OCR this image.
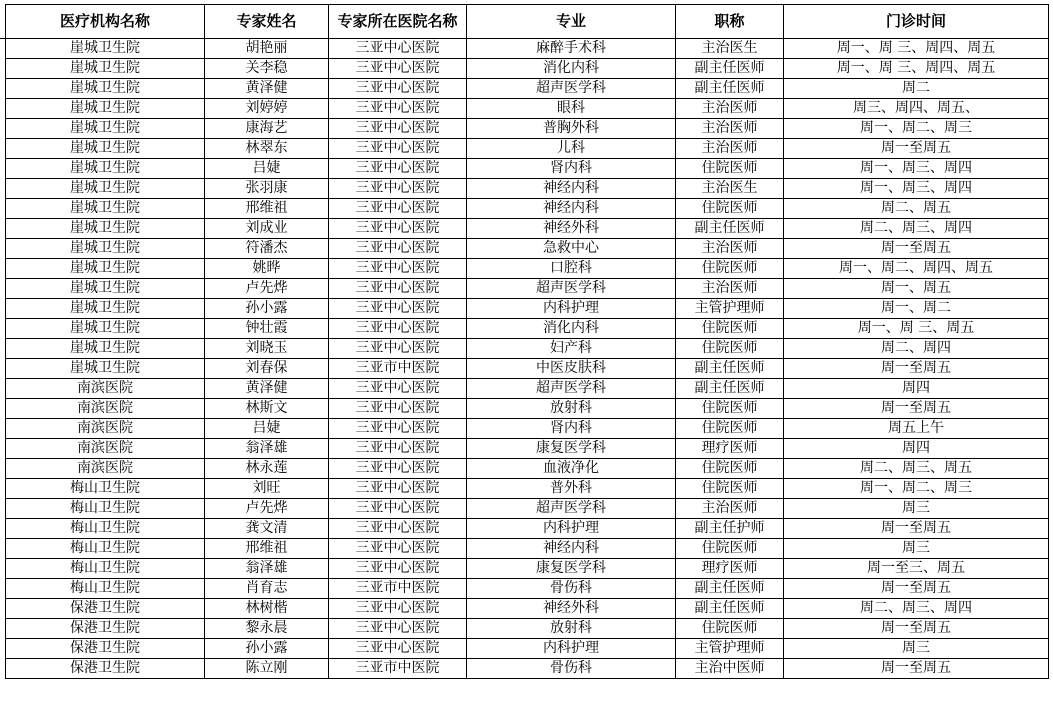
医疗机构名称	专家姓名	专家所在医院名称	专业	职称	门诊时间
崖城卫生院	胡艳丽	三亚中心医院	麻醉手术科	主治医生	周一、周 三、周四、周五
崖城卫生院	关李稳	三亚中心医院	消化内科	副主任医师	周一、周 三、周四、周五
崖城卫生院	黄泽健	三亚中心医院	超声医学科	副主任医师	周二
崖城卫生院	刘婷婷	三亚中心医院	眼科	主治医师	周三、周四、周五、
崖城卫生院	康海艺	三亚中心医院	普胸外科	主治医师	周一、周二、周三
崖城卫生院	林翠东	三亚中心医院	儿科	主治医师	周一至周五
崖城卫生院	吕婕	三亚中心医院	肾内科	住院医师	周一、周三、周四
崖城卫生院	张羽康	三亚中心医院	神经内科	主治医生	周一、周三、周四
崖城卫生院	邢维祖	三亚中心医院	神经内科	住院医师	周二、周五
崖城卫生院	刘成业	三亚中心医院	神经外科	副主任医师	周二、周三、周四
崖城卫生院	符潘杰	三亚中心医院	急救中心	主治医师	周一至周五
崖城卫生院	姚晔	三亚中心医院	口腔科	住院医师	周一、周二、周四、周五
崖城卫生院	卢先烨	三亚中心医院	超声医学科	主治医师	周一、周五
崖城卫生院	孙小露	三亚中心医院	内科护理	主管护理师	周一、周二
崖城卫生院	钟壮霞	三亚中心医院	消化内科	住院医师	周一、周 三、周五
崖城卫生院	刘晓玉	三亚中心医院	妇产科	住院医师	周二、周四
崖城卫生院	刘春保	三亚市中医院	中医皮肤科	副主任医师	周一至周五
南滨医院	黄泽健	三亚中心医院	超声医学科	副主任医师	周四
南滨医院	林斯文	三亚中心医院	放射科	住院医师	周一至周五
南滨医院	吕婕	三亚中心医院	肾内科	住院医师	周五上午
南滨医院	翁泽雄	三亚中心医院	康复医学科	理疗医师	周四
南滨医院	林永莲	三亚中心医院	血液净化	住院医师	周二、周三、周五
梅山卫生院	刘旺	三亚中心医院	普外科	住院医师	周一、周二、周三
梅山卫生院	卢先烨	三亚中心医院	超声医学科	主治医师	周三
梅山卫生院	龚文清	三亚中心医院	内科护理	副主任护师	周一至周五
梅山卫生院	邢维祖	三亚中心医院	神经内科	住院医师	周三
梅山卫生院	翁泽雄	三亚中心医院	康复医学科	理疗医师	周一至三、周五
梅山卫生院	肖育志	三亚市中医院	骨伤科	副主任医师	周一至周五
保港卫生院	林树楷	三亚中心医院	神经外科	副主任医师	周二、周三、周四
保港卫生院	黎永晨	三亚中心医院	放射科	住院医师	周一至周五
保港卫生院	孙小露	三亚中心医院	内科护理	主管护理师	周三
保港卫生院	陈立刚	三亚市中医院	骨伤科	主治中医师	周一至周五
